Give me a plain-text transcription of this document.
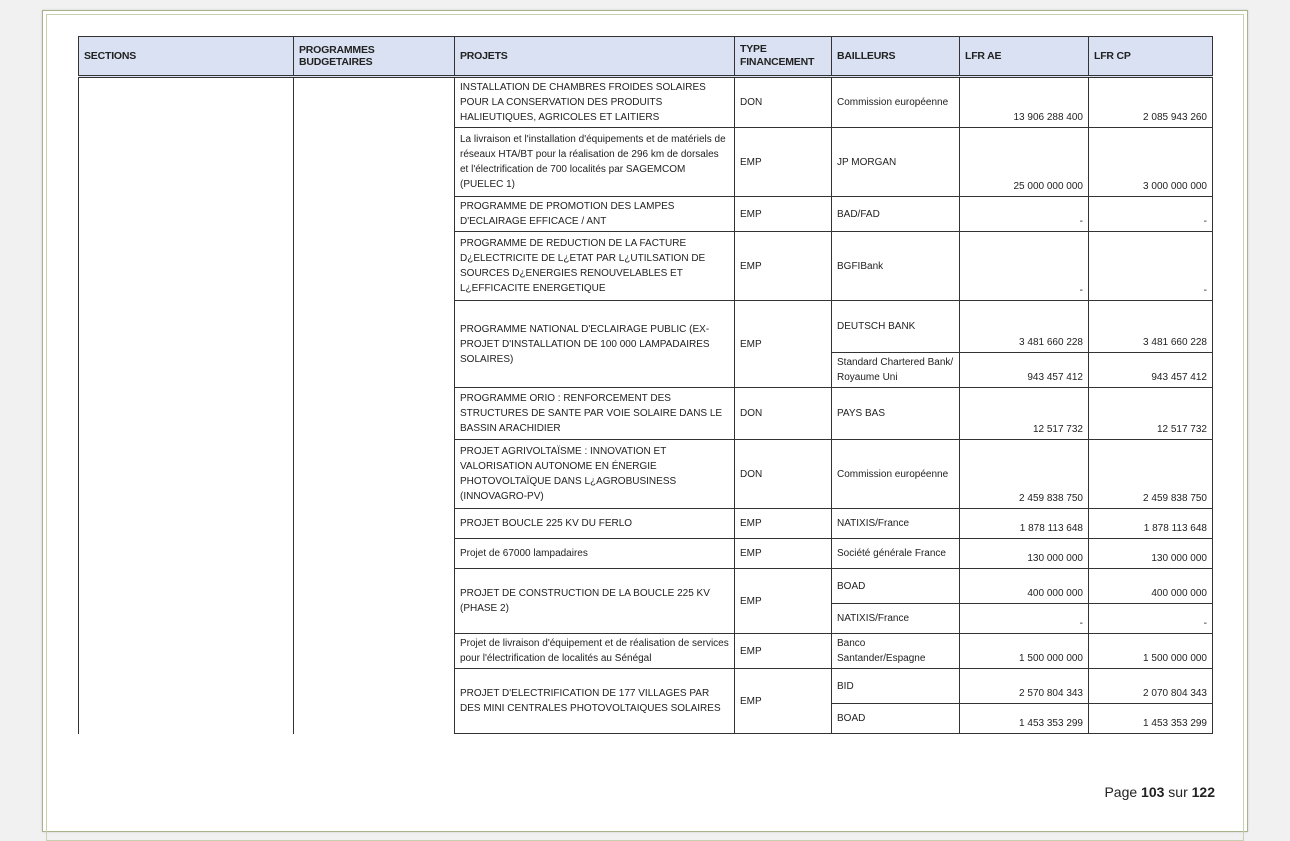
SECTIONS	PROGRAMMES BUDGETAIRES	PROJETS	TYPE FINANCEMENT	BAILLEURS	LFR AE	LFR CP
		INSTALLATION DE CHAMBRES FROIDES SOLAIRES POUR LA CONSERVATION DES PRODUITS HALIEUTIQUES, AGRICOLES ET LAITIERS	DON	Commission européenne	13 906 288 400	2 085 943 260
		La livraison et l'installation d'équipements et de matériels de réseaux HTA/BT pour la réalisation de 296 km de dorsales et l'électrification de 700 localités par SAGEMCOM (PUELEC 1)	EMP	JP MORGAN	25 000 000 000	3 000 000 000
		PROGRAMME DE PROMOTION DES LAMPES D'ECLAIRAGE EFFICACE / ANT	EMP	BAD/FAD	-	-
		PROGRAMME DE REDUCTION DE LA FACTURE D¿ELECTRICITE DE L¿ETAT PAR L¿UTILSATION DE SOURCES D¿ENERGIES RENOUVELABLES ET L¿EFFICACITE ENERGETIQUE	EMP	BGFIBank	-	-
		PROGRAMME NATIONAL D'ECLAIRAGE PUBLIC (EX-PROJET D'INSTALLATION DE 100 000 LAMPADAIRES SOLAIRES)	EMP	DEUTSCH BANK	3 481 660 228	3 481 660 228
				Standard Chartered Bank/ Royaume Uni	943 457 412	943 457 412
		PROGRAMME ORIO : RENFORCEMENT DES STRUCTURES DE SANTE PAR VOIE SOLAIRE DANS LE BASSIN ARACHIDIER	DON	PAYS BAS	12 517 732	12 517 732
		PROJET AGRIVOLTAÏSME : INNOVATION ET VALORISATION AUTONOME EN ÉNERGIE PHOTOVOLTAÏQUE DANS L¿AGROBUSINESS (INNOVAGRO-PV)	DON	Commission européenne	2 459 838 750	2 459 838 750
		PROJET BOUCLE 225 KV DU FERLO	EMP	NATIXIS/France	1 878 113 648	1 878 113 648
		Projet de 67000 lampadaires	EMP	Société générale France	130 000 000	130 000 000
		PROJET DE CONSTRUCTION DE LA BOUCLE 225 KV (PHASE 2)	EMP	BOAD	400 000 000	400 000 000
				NATIXIS/France	-	-
		Projet de livraison d'équipement et de réalisation de services pour l'électrification de localités au Sénégal	EMP	Banco Santander/Espagne	1 500 000 000	1 500 000 000
		PROJET D'ELECTRIFICATION DE 177 VILLAGES PAR DES MINI CENTRALES PHOTOVOLTAIQUES SOLAIRES	EMP	BID	2 570 804 343	2 070 804 343
				BOAD	1 453 353 299	1 453 353 299
Page 103 sur 122
